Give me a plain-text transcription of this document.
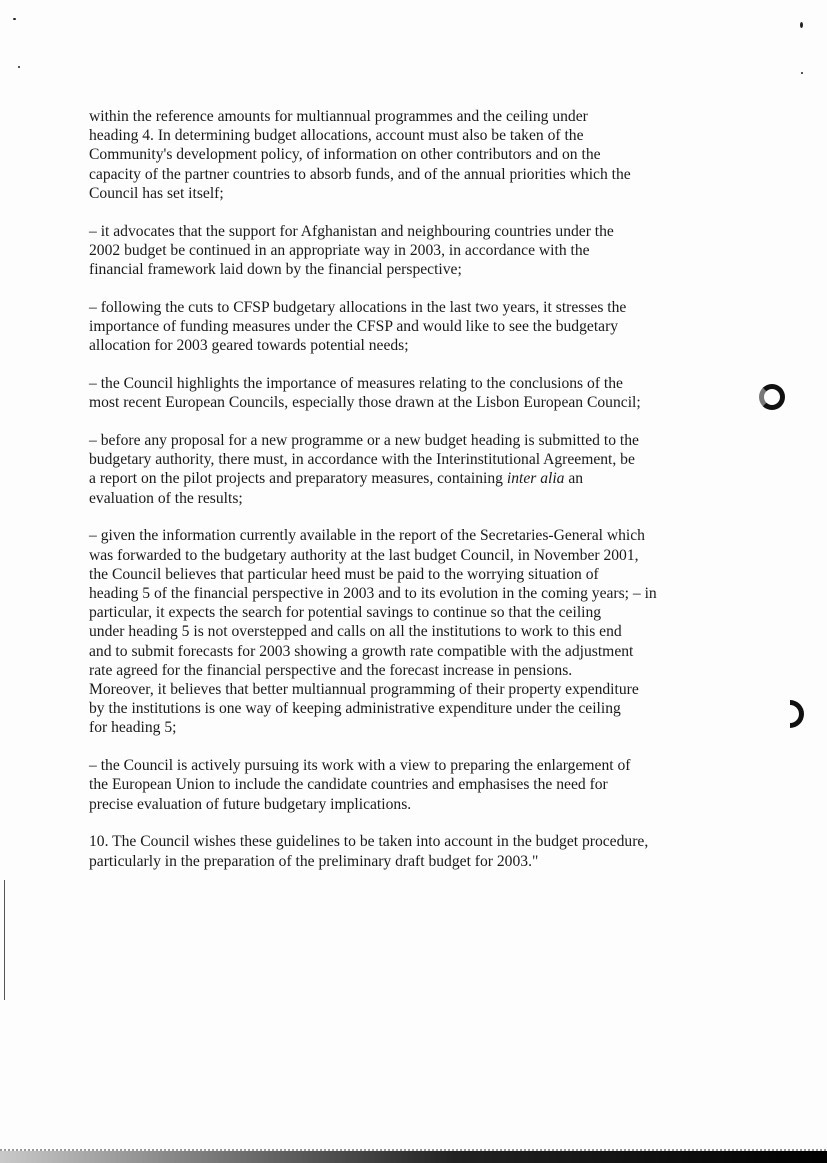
within the reference amounts for multiannual programmes and the ceiling under
heading 4. In determining budget allocations, account must also be taken of the
Community's development policy, of information on other contributors and on the
capacity of the partner countries to absorb funds, and of the annual priorities which the
Council has set itself;

– it advocates that the support for Afghanistan and neighbouring countries under the
2002 budget be continued in an appropriate way in 2003, in accordance with the
financial framework laid down by the financial perspective;

– following the cuts to CFSP budgetary allocations in the last two years, it stresses the
importance of funding measures under the CFSP and would like to see the budgetary
allocation for 2003 geared towards potential needs;

– the Council highlights the importance of measures relating to the conclusions of the
most recent European Councils, especially those drawn at the Lisbon European Council;

– before any proposal for a new programme or a new budget heading is submitted to the
budgetary authority, there must, in accordance with the Interinstitutional Agreement, be
a report on the pilot projects and preparatory measures, containing inter alia an
evaluation of the results;

– given the information currently available in the report of the Secretaries-General which
was forwarded to the budgetary authority at the last budget Council, in November 2001,
the Council believes that particular heed must be paid to the worrying situation of
heading 5 of the financial perspective in 2003 and to its evolution in the coming years; – in
particular, it expects the search for potential savings to continue so that the ceiling
under heading 5 is not overstepped and calls on all the institutions to work to this end
and to submit forecasts for 2003 showing a growth rate compatible with the adjustment
rate agreed for the financial perspective and the forecast increase in pensions.
Moreover, it believes that better multiannual programming of their property expenditure
by the institutions is one way of keeping administrative expenditure under the ceiling
for heading 5;

– the Council is actively pursuing its work with a view to preparing the enlargement of
the European Union to include the candidate countries and emphasises the need for
precise evaluation of future budgetary implications.

10. The Council wishes these guidelines to be taken into account in the budget procedure,
particularly in the preparation of the preliminary draft budget for 2003."
